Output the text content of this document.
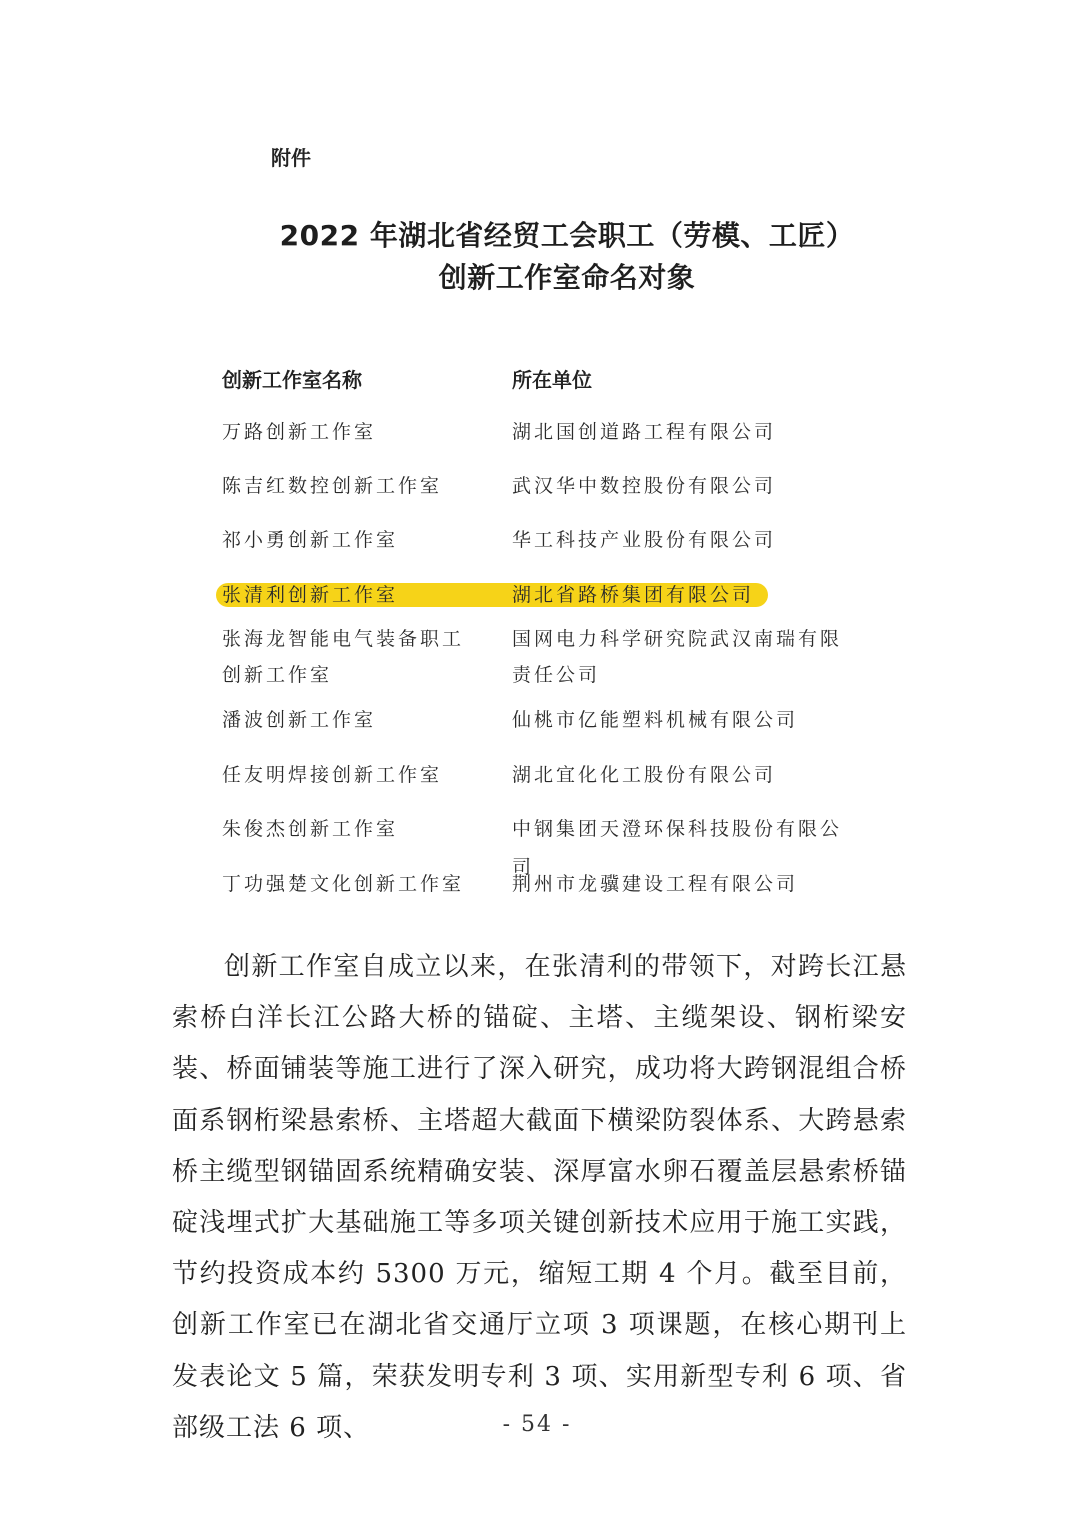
附件
2022 年湖北省经贸工会职工（劳模、工匠）
创新工作室命名对象
创新工作室名称	所在单位
万路创新工作室	湖北国创道路工程有限公司
陈吉红数控创新工作室	武汉华中数控股份有限公司
祁小勇创新工作室	华工科技产业股份有限公司
张清利创新工作室	湖北省路桥集团有限公司
张海龙智能电气装备职工	国网电力科学研究院武汉南瑞有限
创新工作室	责任公司
潘波创新工作室	仙桃市亿能塑料机械有限公司
任友明焊接创新工作室	湖北宜化化工股份有限公司
朱俊杰创新工作室	中钢集团天澄环保科技股份有限公司
丁功强楚文化创新工作室	荆州市龙骥建设工程有限公司
创新工作室自成立以来，在张清利的带领下，对跨长江悬索桥白洋长江公路大桥的锚碇、主塔、主缆架设、钢桁梁安装、桥面铺装等施工进行了深入研究，成功将大跨钢混组合桥面系钢桁梁悬索桥、主塔超大截面下横梁防裂体系、大跨悬索桥主缆型钢锚固系统精确安装、深厚富水卵石覆盖层悬索桥锚碇浅埋式扩大基础施工等多项关键创新技术应用于施工实践，节约投资成本约 5300 万元，缩短工期 4 个月。截至目前，创新工作室已在湖北省交通厅立项 3 项课题，在核心期刊上发表论文 5 篇，荣获发明专利 3 项、实用新型专利 6 项、省部级工法 6 项、	- 54 -
